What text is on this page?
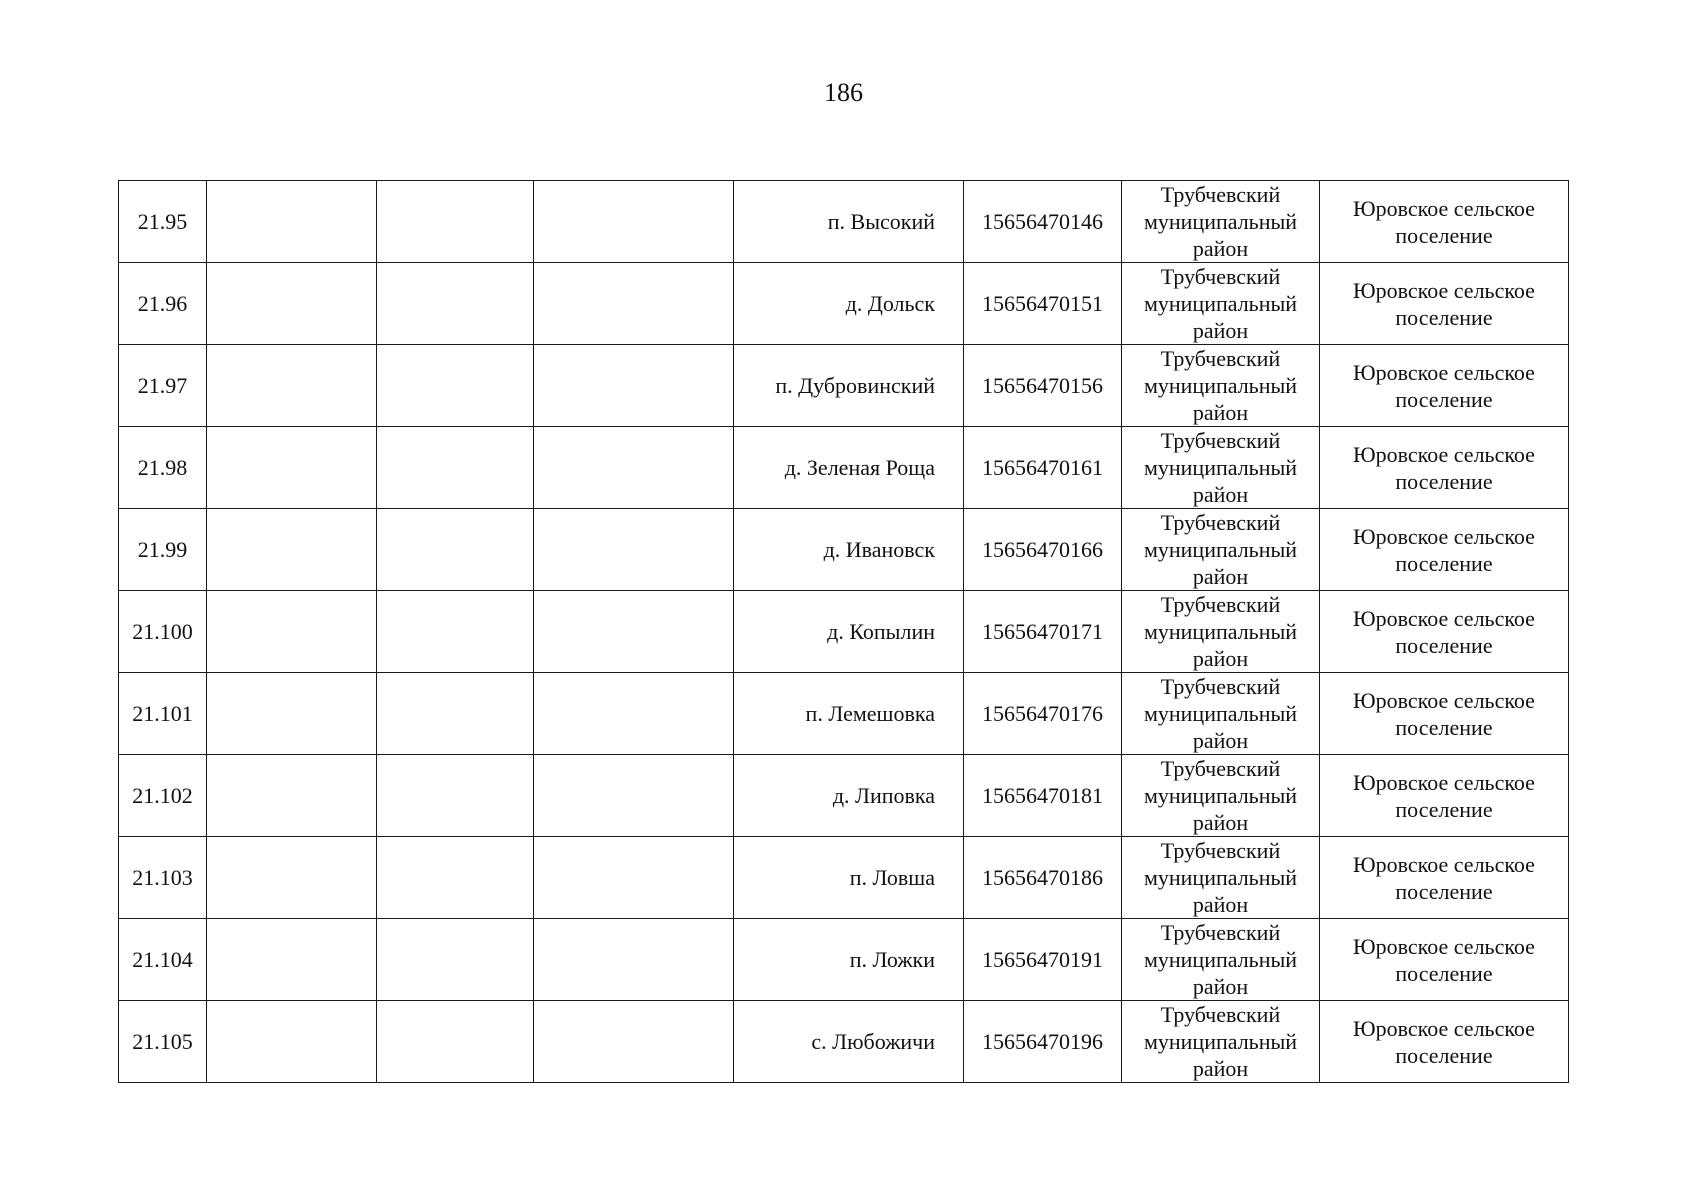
186
21.95				п. Высокий	15656470146	Трубчевский муниципальный район	Юровское сельское поселение
21.96				д. Дольск	15656470151	Трубчевский муниципальный район	Юровское сельское поселение
21.97				п. Дубровинский	15656470156	Трубчевский муниципальный район	Юровское сельское поселение
21.98				д. Зеленая Роща	15656470161	Трубчевский муниципальный район	Юровское сельское поселение
21.99				д. Ивановск	15656470166	Трубчевский муниципальный район	Юровское сельское поселение
21.100				д. Копылин	15656470171	Трубчевский муниципальный район	Юровское сельское поселение
21.101				п. Лемешовка	15656470176	Трубчевский муниципальный район	Юровское сельское поселение
21.102				д. Липовка	15656470181	Трубчевский муниципальный район	Юровское сельское поселение
21.103				п. Ловша	15656470186	Трубчевский муниципальный район	Юровское сельское поселение
21.104				п. Ложки	15656470191	Трубчевский муниципальный район	Юровское сельское поселение
21.105				с. Любожичи	15656470196	Трубчевский муниципальный район	Юровское сельское поселение
